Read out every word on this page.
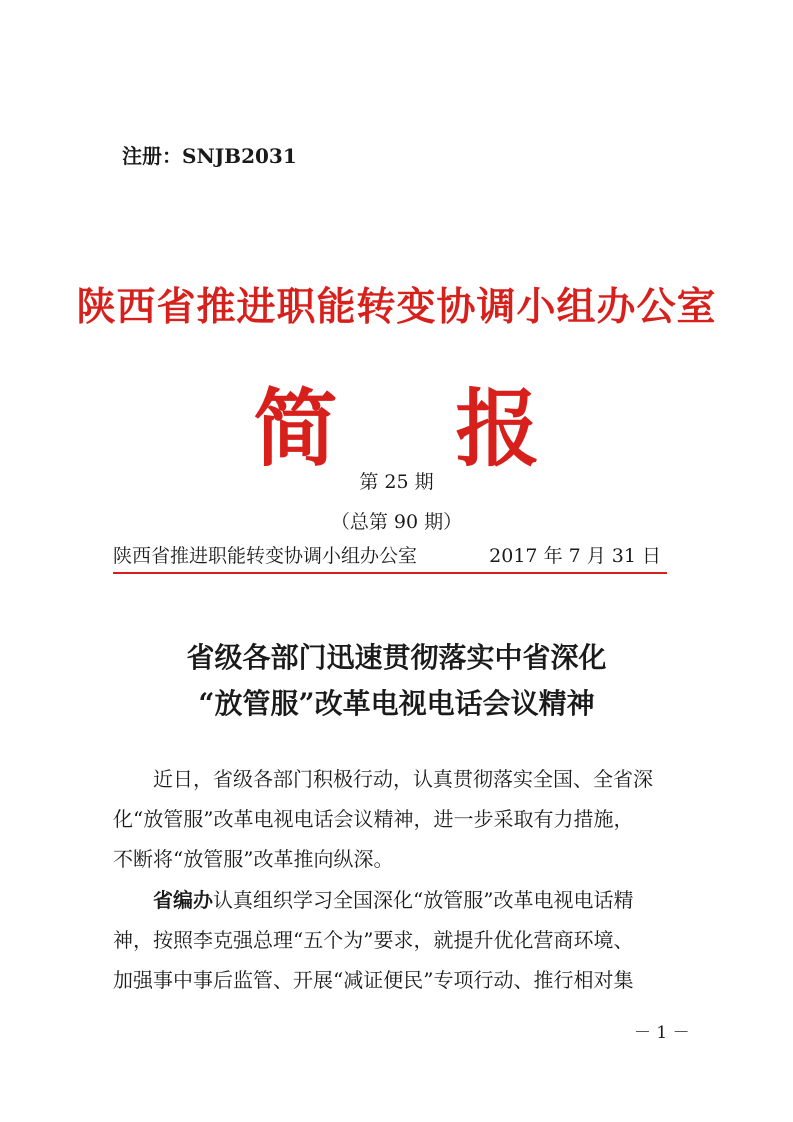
注册：SNJB2031
陕西省推进职能转变协调小组办公室
简 报
第 25 期
（总第 90 期）
陕西省推进职能转变协调小组办公室	2017 年 7 月 31 日
省级各部门迅速贯彻落实中省深化
“放管服”改革电视电话会议精神
近日，省级各部门积极行动，认真贯彻落实全国、全省深
化“放管服”改革电视电话会议精神，进一步采取有力措施，
不断将“放管服”改革推向纵深。
省编办认真组织学习全国深化“放管服”改革电视电话精
神，按照李克强总理“五个为”要求，就提升优化营商环境、
加强事中事后监管、开展“减证便民”专项行动、推行相对集
－ 1 －
